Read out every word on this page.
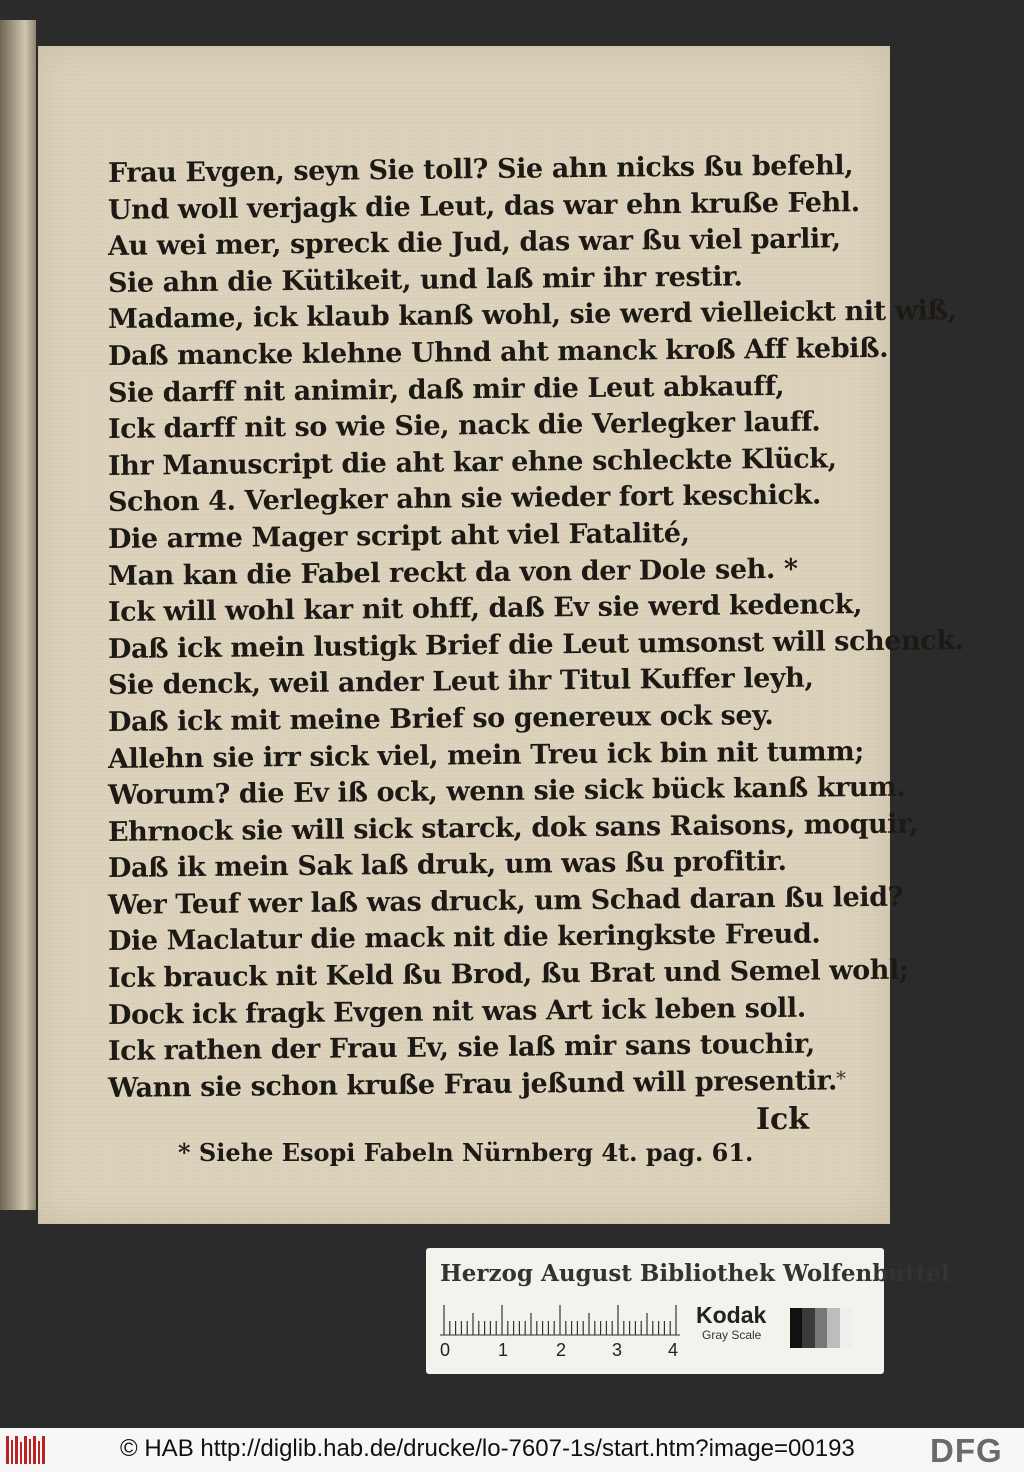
Frau Evgen, seyn Sie toll? Sie ahn nicks ßu befehl,
Und woll verjagk die Leut, das war ehn kruße Fehl.
Au wei mer, spreck die Jud, das war ßu viel parlir,
Sie ahn die Kütikeit, und laß mir ihr restir.
Madame, ick klaub kanß wohl, sie werd vielleickt nit wiß,
Daß mancke klehne Uhnd aht manck kroß Aff kebiß.
Sie darff nit animir, daß mir die Leut abkauff,
Ick darff nit so wie Sie, nack die Verlegker lauff.
Ihr Manuscript die aht kar ehne schleckte Klück,
Schon 4. Verlegker ahn sie wieder fort keschick.
Die arme Mager script aht viel Fatalité,
Man kan die Fabel reckt da von der Dole seh. *
Ick will wohl kar nit ohff, daß Ev sie werd kedenck,
Daß ick mein lustigk Brief die Leut umsonst will schenck.
Sie denck, weil ander Leut ihr Titul Kuffer leyh,
Daß ick mit meine Brief so genereux ock sey.
Allehn sie irr sick viel, mein Treu ick bin nit tumm;
Worum? die Ev iß ock, wenn sie sick bück kanß krum.
Ehrnock sie will sick starck, dok sans Raisons, moquir,
Daß ik mein Sak laß druk, um was ßu profitir.
Wer Teuf wer laß was druck, um Schad daran ßu leid?
Die Maclatur die mack nit die keringkste Freud.
Ick brauck nit Keld ßu Brod, ßu Brat und Semel wohl;
Dock ick fragk Evgen nit was Art ick leben soll.
Ick rathen der Frau Ev, sie laß mir sans touchir,
Wann sie schon kruße Frau jeßund will presentir.
*
Ick
* Siehe Esopi Fabeln Nürnberg 4t. pag. 61.
Herzog August Bibliothek Wolfenbüttel
0	1	2	3	4
Kodak
Gray Scale
© HAB http://diglib.hab.de/drucke/lo-7607-1s/start.htm?image=00193 DFG
